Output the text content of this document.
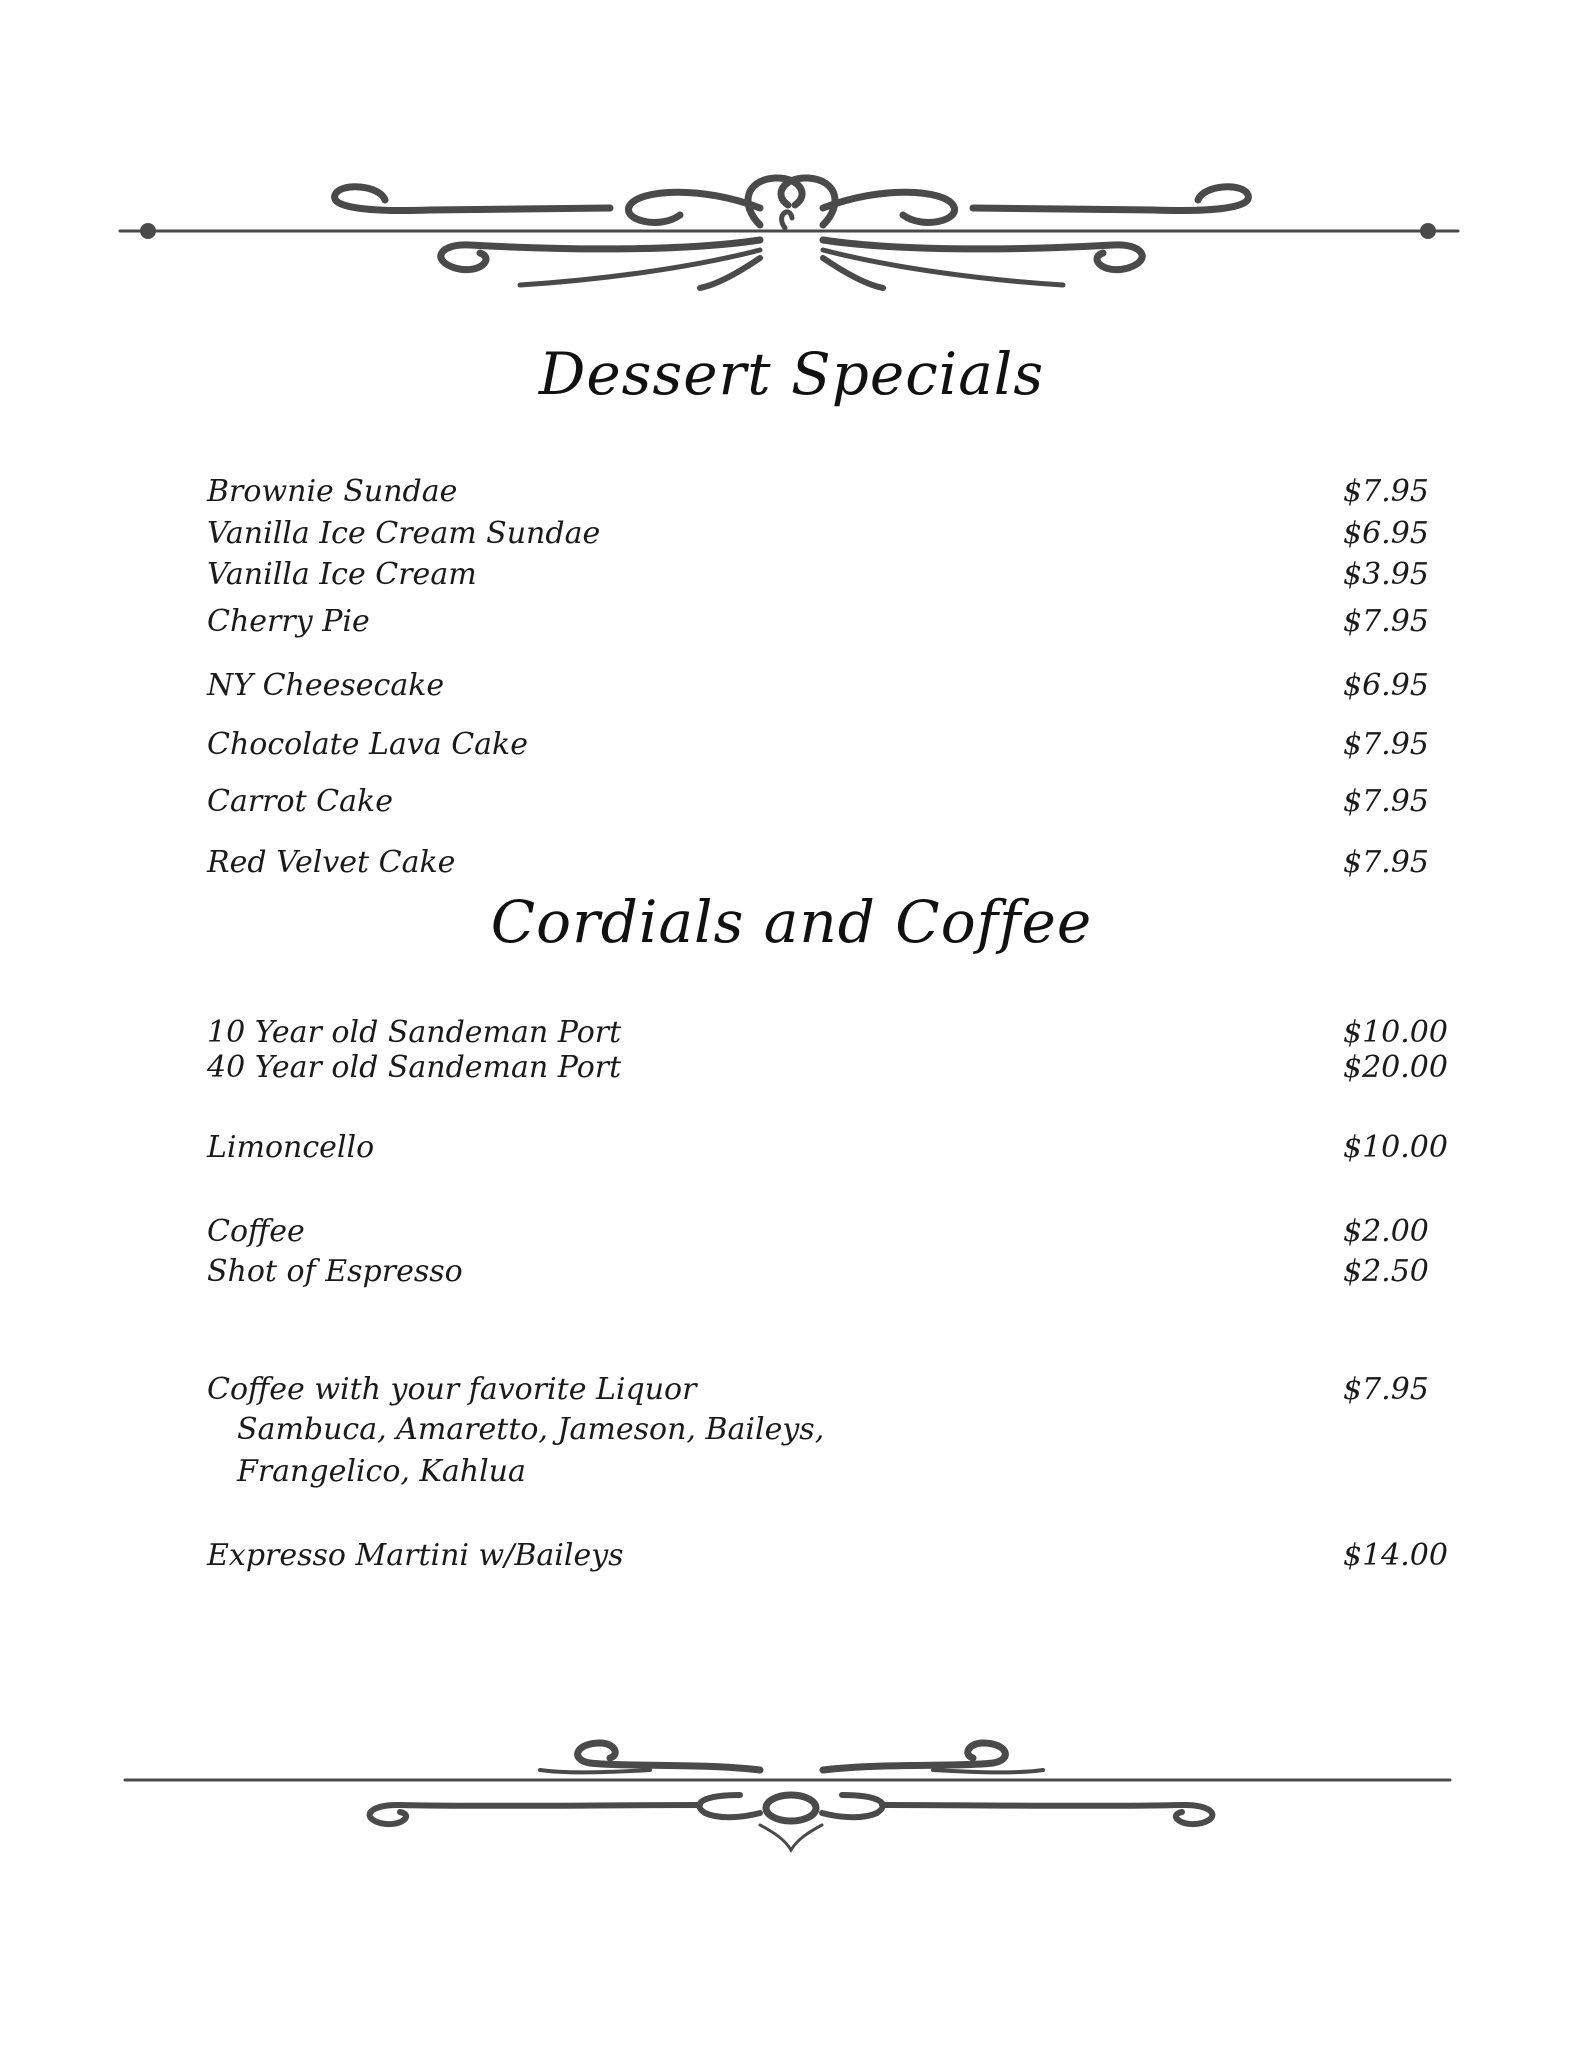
Dessert Specials
Brownie Sundae	$7.95
Vanilla Ice Cream Sundae	$6.95
Vanilla Ice Cream	$3.95
Cherry Pie	$7.95
NY Cheesecake	$6.95
Chocolate Lava Cake	$7.95
Carrot Cake	$7.95
Red Velvet Cake	$7.95
Cordials and Coffee
10 Year old Sandeman Port	$10.00
40 Year old Sandeman Port	$20.00
Limoncello	$10.00
Coffee	$2.00
Shot of Espresso	$2.50
Coffee with your favorite Liquor	$7.95
Sambuca, Amaretto, Jameson, Baileys,
Frangelico, Kahlua
Expresso Martini w/Baileys	$14.00
